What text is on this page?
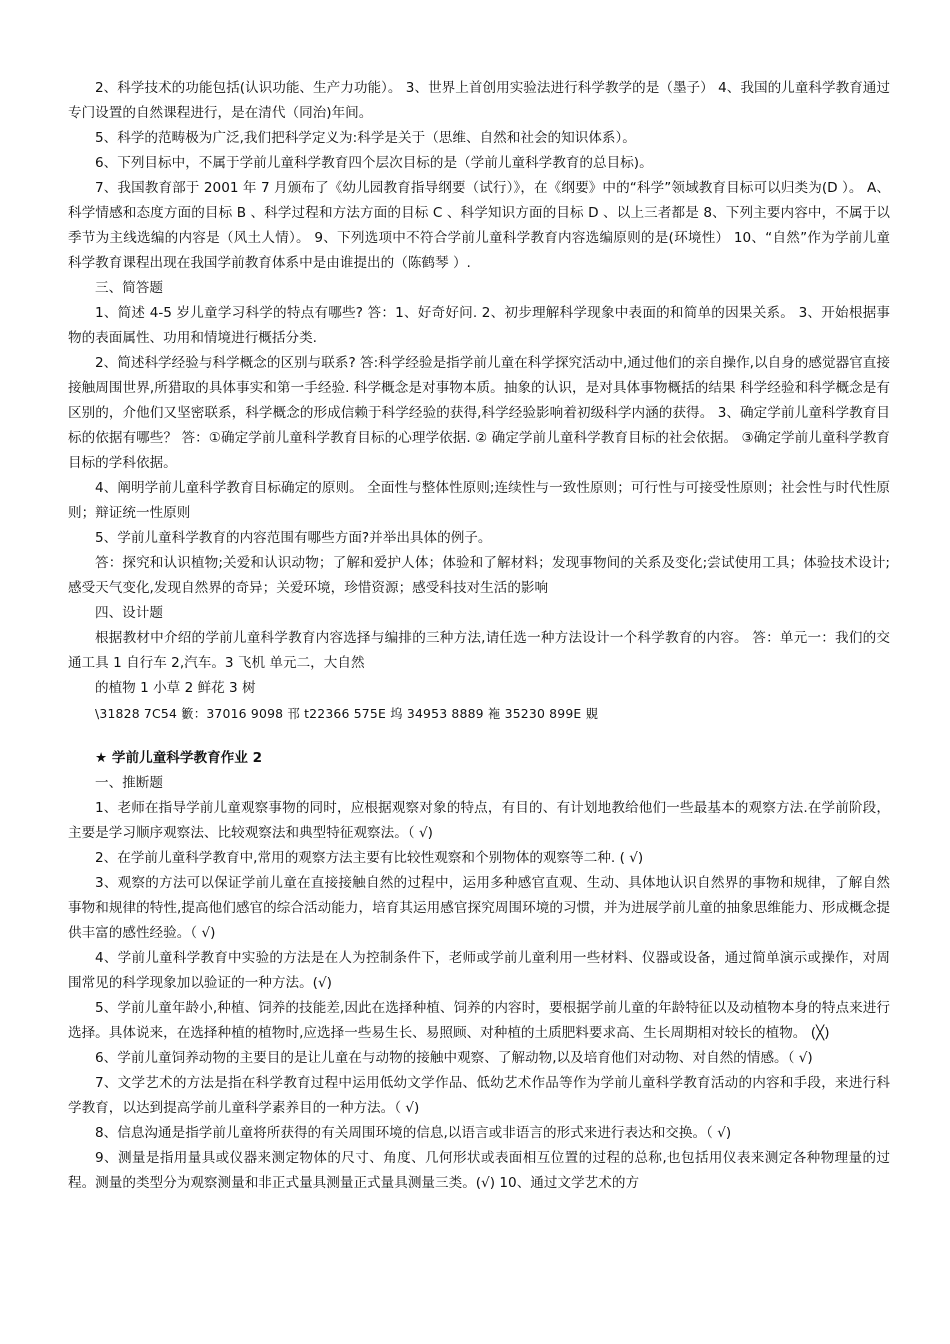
2、科学技术的功能包括(认识功能、生产力功能）。 3、世界上首创用实验法进行科学教学的是（墨子） 4、我国的儿童科学教育通过专门设置的自然课程进行，是在清代（同治)年间。

5、科学的范畴极为广泛,我们把科学定义为:科学是关于（思维、自然和社会的知识体系）。

6、下列目标中，不属于学前儿童科学教育四个层次目标的是（学前儿童科学教育的总目标)。

7、我国教育部于 2001 年 7 月颁布了《幼儿园教育指导纲要（试行）》，在《纲要》中的“科学”领域教育目标可以归类为(D ）。 A、科学情感和态度方面的目标 B 、科学过程和方法方面的目标 C 、科学知识方面的目标 D 、以上三者都是 8、下列主要内容中，不属于以季节为主线选编的内容是（风土人情）。 9、下列选项中不符合学前儿童科学教育内容选编原则的是(环境性） 10、“自然”作为学前儿童科学教育课程出现在我国学前教育体系中是由谁提出的（陈鹤琴 ）.

三、简答题

1、简述 4-5 岁儿童学习科学的特点有哪些? 答：1、好奇好问. 2、初步理解科学现象中表面的和简单的因果关系。 3、开始根据事物的表面属性、功用和情境进行概括分类.

2、简述科学经验与科学概念的区别与联系? 答:科学经验是指学前儿童在科学探究活动中,通过他们的亲自操作,以自身的感觉器官直接接触周围世界,所猎取的具体事实和第一手经验. 科学概念是对事物本质。抽象的认识，是对具体事物概括的结果 科学经验和科学概念是有区别的，介他们又坚密联系，科学概念的形成信赖于科学经验的获得,科学经验影响着初级科学内涵的获得。 3、确定学前儿童科学教育目标的依据有哪些？ 答：①确定学前儿童科学教育目标的心理学依据. ② 确定学前儿童科学教育目标的社会依据。 ③确定学前儿童科学教育目标的学科依据。

4、阐明学前儿童科学教育目标确定的原则。 全面性与整体性原则;连续性与一致性原则；可行性与可接受性原则；社会性与时代性原则；辩证统一性原则

5、学前儿童科学教育的内容范围有哪些方面?并举出具体的例子。

答：探究和认识植物;关爱和认识动物；了解和爱护人体；体验和了解材料；发现事物间的关系及变化;尝试使用工具；体验技术设计;感受天气变化,发现自然界的奇异；关爱环境，珍惜资源；感受科技对生活的影响

四、设计题

根据教材中介绍的学前儿童科学教育内容选择与编排的三种方法,请任选一种方法设计一个科学教育的内容。 答：单元一：我们的交通工具 1 自行车 2,汽车。3 飞机 单元二，大自然

的植物 1 小草 2 鲜花 3 树

\31828 7C54 籔：37016 9098 邗 t22366 575E 坞 34953 8889 袘 35230 899E 覞

★ 学前儿童科学教育作业 2

一、推断题

1、老师在指导学前儿童观察事物的同时，应根据观察对象的特点，有目的、有计划地教给他们一些最基本的观察方法.在学前阶段，主要是学习顺序观察法、比较观察法和典型特征观察法。（ √)

2、在学前儿童科学教育中,常用的观察方法主要有比较性观察和个别物体的观察等二种. ( √)

3、观察的方法可以保证学前儿童在直接接触自然的过程中，运用多种感官直观、生动、具体地认识自然界的事物和规律，了解自然事物和规律的特性,提高他们感官的综合活动能力，培育其运用感官探究周围环境的习惯，并为进展学前儿童的抽象思维能力、形成概念提供丰富的感性经验。（ √)

4、学前儿童科学教育中实验的方法是在人为控制条件下，老师或学前儿童利用一些材料、仪器或设备，通过简单演示或操作，对周围常见的科学现象加以验证的一种方法。(√)

5、学前儿童年龄小,种植、饲养的技能差,因此在选择种植、饲养的内容时，要根据学前儿童的年龄特征以及动植物本身的特点来进行选择。具体说来，在选择种植的植物时,应选择一些易生长、易照顾、对种植的土质肥料要求高、生长周期相对较长的植物。 (╳)

6、学前儿童饲养动物的主要目的是让儿童在与动物的接触中观察、了解动物,以及培育他们对动物、对自然的情感。（ √)

7、文学艺术的方法是指在科学教育过程中运用低幼文学作品、低幼艺术作品等作为学前儿童科学教育活动的内容和手段，来进行科学教育，以达到提高学前儿童科学素养目的一种方法。（ √)

8、信息沟通是指学前儿童将所获得的有关周围环境的信息,以语言或非语言的形式来进行表达和交换。（ √)

9、测量是指用量具或仪器来测定物体的尺寸、角度、几何形状或表面相互位置的过程的总称,也包括用仪表来测定各种物理量的过程。测量的类型分为观察测量和非正式量具测量正式量具测量三类。(√) 10、通过文学艺术的方
